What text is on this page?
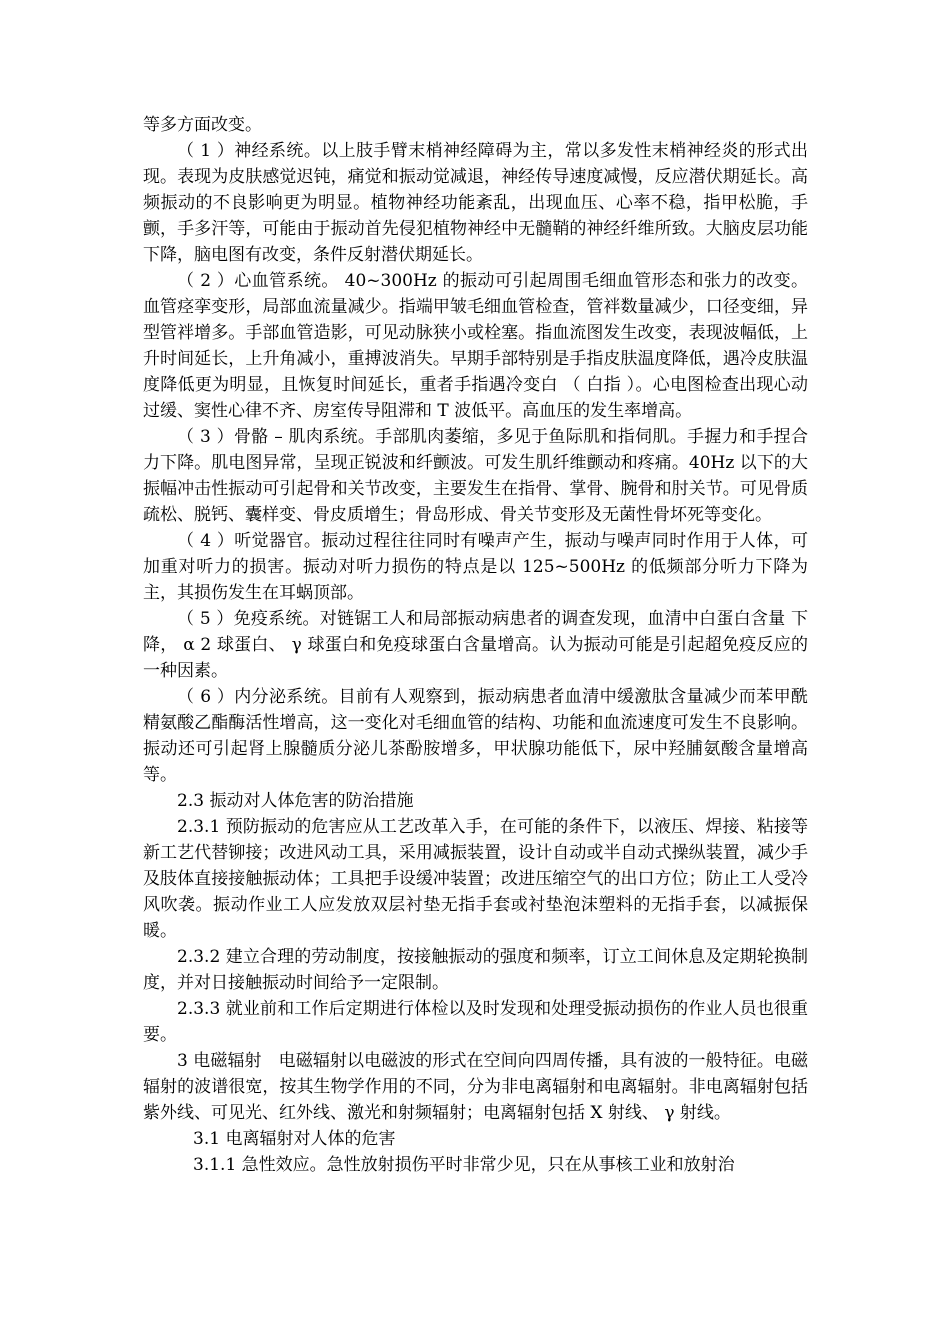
等多方面改变。

（ 1 ）神经系统。以上肢手臂末梢神经障碍为主，常以多发性末梢神经炎的形式出现。表现为皮肤感觉迟钝，痛觉和振动觉减退，神经传导速度减慢，反应潜伏期延长。高频振动的不良影响更为明显。植物神经功能紊乱，出现血压、心率不稳，指甲松脆，手颤，手多汗等，可能由于振动首先侵犯植物神经中无髓鞘的神经纤维所致。大脑皮层功能下降，脑电图有改变，条件反射潜伏期延长。

（ 2 ）心血管系统。 40~300Hz 的振动可引起周围毛细血管形态和张力的改变。血管痉挛变形，局部血流量减少。指端甲皱毛细血管检查，管袢数量减少，口径变细，异型管袢增多。手部血管造影，可见动脉狭小或栓塞。指血流图发生改变，表现波幅低，上升时间延长，上升角减小，重搏波消失。早期手部特别是手指皮肤温度降低，遇冷皮肤温度降低更为明显，且恢复时间延长，重者手指遇冷变白 （ 白指 ）。心电图检查出现心动过缓、窦性心律不齐、房室传导阻滞和 T 波低平。高血压的发生率增高。

（ 3 ）骨骼 – 肌肉系统。手部肌肉萎缩，多见于鱼际肌和指伺肌。手握力和手捏合力下降。肌电图异常，呈现正锐波和纤颤波。可发生肌纤维颤动和疼痛。40Hz 以下的大振幅冲击性振动可引起骨和关节改变，主要发生在指骨、掌骨、腕骨和肘关节。可见骨质疏松、脱钙、囊样变、骨皮质增生；骨岛形成、骨关节变形及无菌性骨坏死等变化。

（ 4 ）听觉器官。振动过程往往同时有噪声产生，振动与噪声同时作用于人体，可加重对听力的损害。振动对听力损伤的特点是以 125~500Hz 的低频部分听力下降为主，其损伤发生在耳蜗顶部。

（ 5 ）免疫系统。对链锯工人和局部振动病患者的调查发现，血清中白蛋白含量 下降， α 2 球蛋白、 γ 球蛋白和免疫球蛋白含量增高。认为振动可能是引起超免疫反应的一种因素。

（ 6 ）内分泌系统。目前有人观察到，振动病患者血清中缓激肽含量减少而苯甲酰精氨酸乙酯酶活性增高，这一变化对毛细血管的结构、功能和血流速度可发生不良影响。振动还可引起肾上腺髓质分泌儿茶酚胺增多，甲状腺功能低下，尿中羟脯氨酸含量增高等。

2.3 振动对人体危害的防治措施

2.3.1 预防振动的危害应从工艺改革入手，在可能的条件下，以液压、焊接、粘接等新工艺代替铆接；改进风动工具，采用减振装置，设计自动或半自动式操纵装置，减少手及肢体直接接触振动体；工具把手设缓冲装置；改进压缩空气的出口方位；防止工人受冷风吹袭。振动作业工人应发放双层衬垫无指手套或衬垫泡沫塑料的无指手套，以减振保暖。

2.3.2 建立合理的劳动制度，按接触振动的强度和频率，订立工间休息及定期轮换制度，并对日接触振动时间给予一定限制。

2.3.3 就业前和工作后定期进行体检以及时发现和处理受振动损伤的作业人员也很重要。

3 电磁辐射　电磁辐射以电磁波的形式在空间向四周传播，具有波的一般特征。电磁辐射的波谱很宽，按其生物学作用的不同，分为非电离辐射和电离辐射。非电离辐射包括紫外线、可见光、红外线、激光和射频辐射；电离辐射包括 X 射线、 γ 射线。

3.1 电离辐射对人体的危害

3.1.1 急性效应。急性放射损伤平时非常少见，只在从事核工业和放射治
